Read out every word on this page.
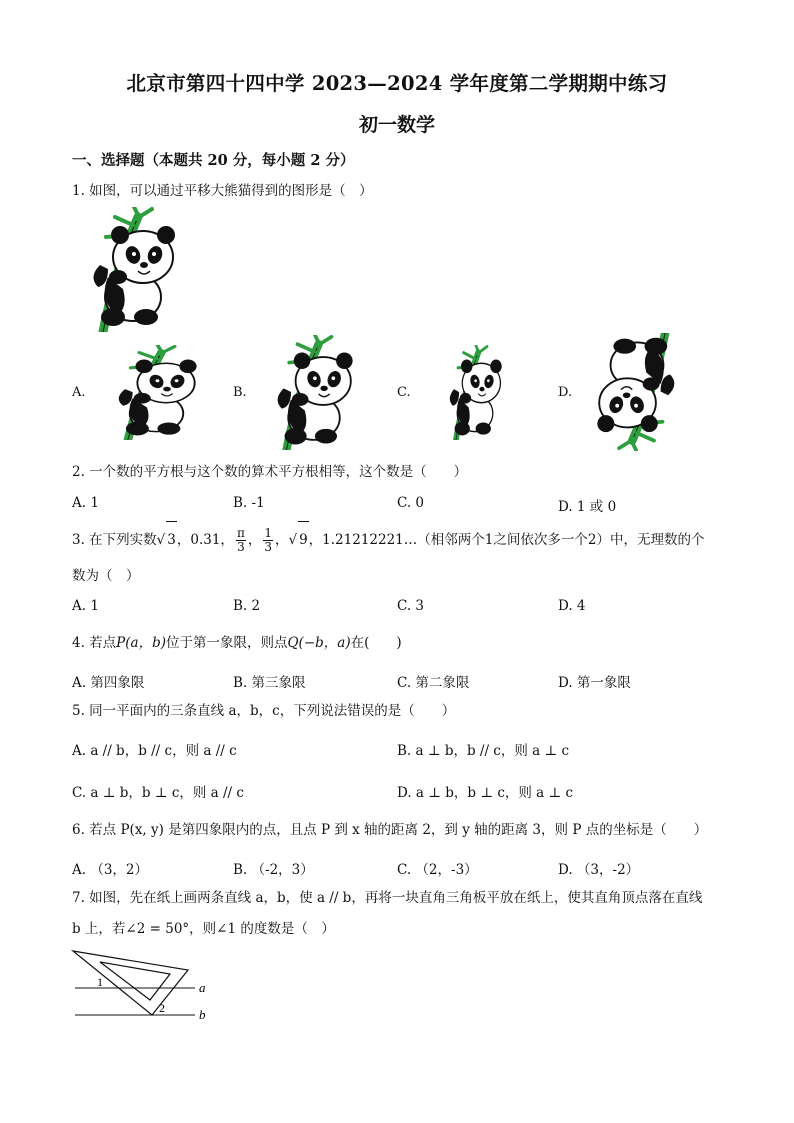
北京市第四十四中学 2023—2024 学年度第二学期期中练习
初一数学
一、选择题（本题共 20 分，每小题 2 分）
1. 如图，可以通过平移大熊猫得到的图形是（　）
A.	B.	C.	D.
2. 一个数的平方根与这个数的算术平方根相等，这个数是（　　）
A. 1	B. -1	C. 0	D. 1 或 0
3. 在下列实数√ 3，0.31， $\frac{\pi}{3}$ ， $\frac{1}{3}$ ，√ 9，1.21212221…（相邻两个1之间依次多一个2）中，无理数的个
数为（　）
A. 1	B. 2	C. 3	D. 4
4. 若点P(a，b)位于第一象限，则点Q(−b，a)在(　　)
A. 第四象限	B. 第三象限	C. 第二象限	D. 第一象限
5. 同一平面内的三条直线 a，b，c，下列说法错误的是（　　）
A. a // b，b // c，则 a // c	B. a ⊥ b，b // c，则 a ⊥ c
C. a ⊥ b，b ⊥ c，则 a // c	D. a ⊥ b，b ⊥ c，则 a ⊥ c
6. 若点 P(x, y) 是第四象限内的点，且点 P 到 x 轴的距离 2，到 y 轴的距离 3，则 P 点的坐标是（　　）
A. （3，2）	B. （-2，3）	C. （2，-3）	D. （3，-2）
7. 如图，先在纸上画两条直线 a，b，使 a // b，再将一块直角三角板平放在纸上，使其直角顶点落在直线
b 上，若∠2 = 50°，则∠1 的度数是（　）
1
2
a
b
